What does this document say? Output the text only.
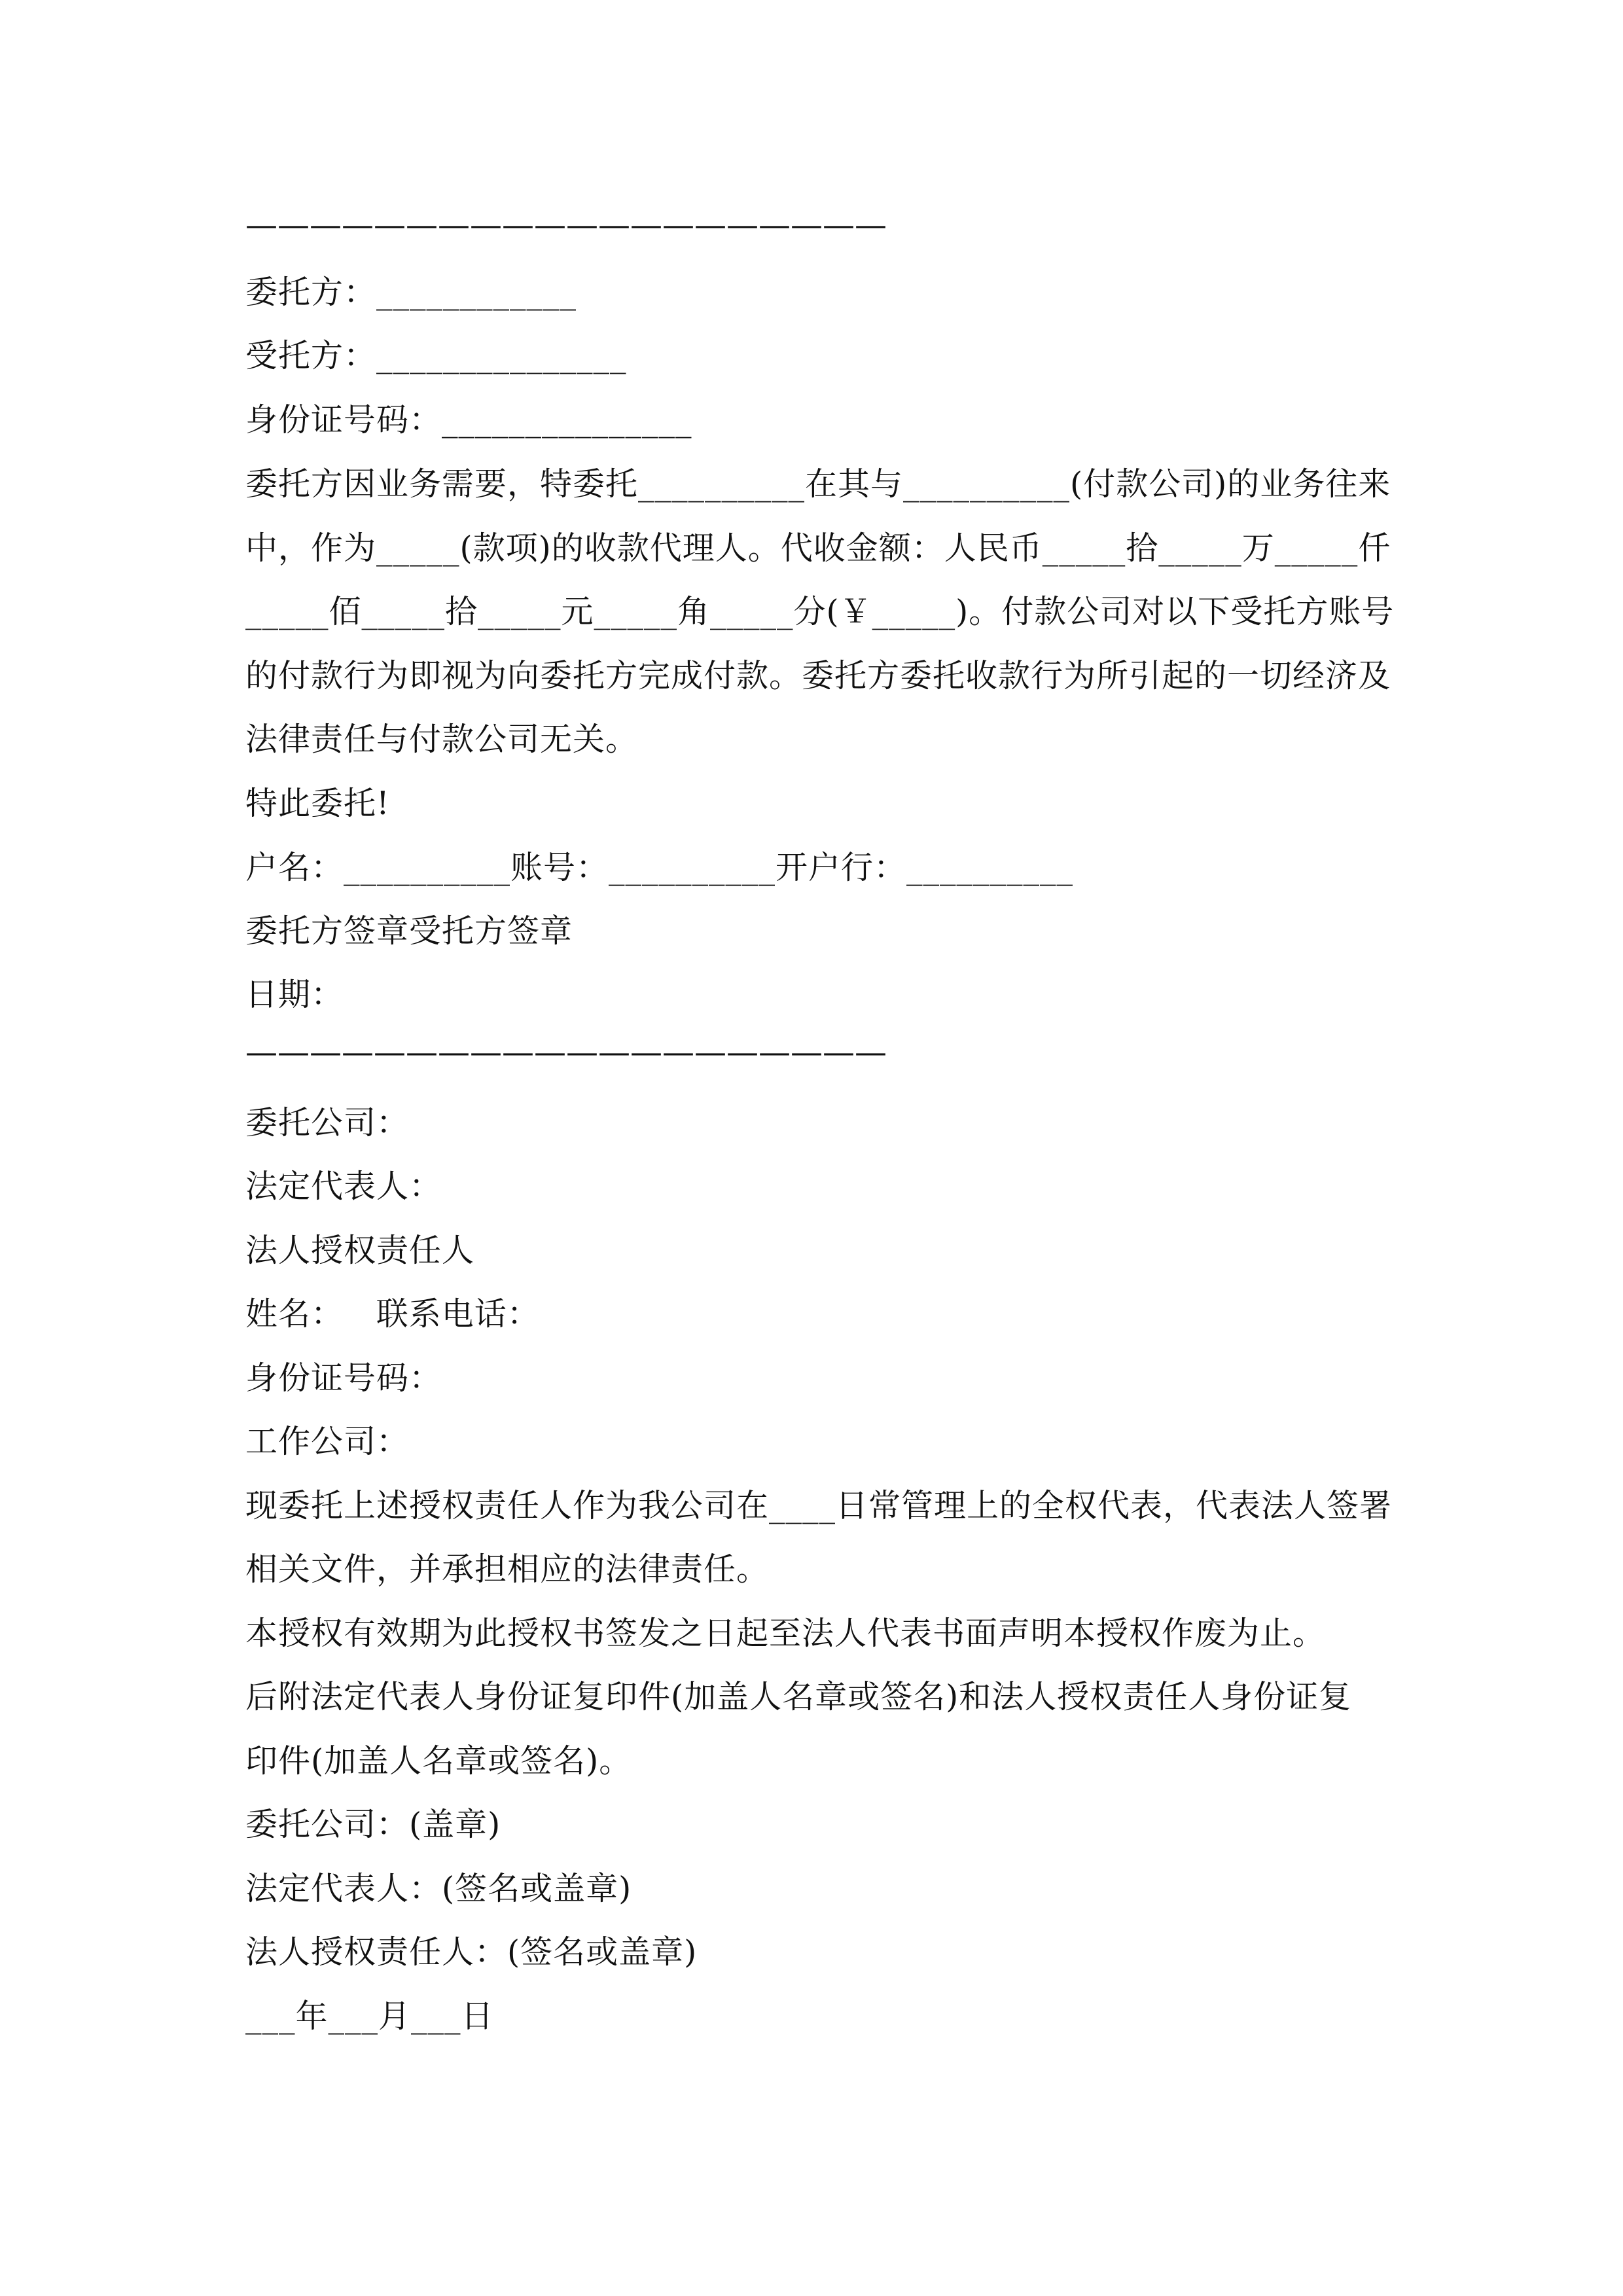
————————————————————
委托方：____________
受托方：_______________
身份证号码：_______________
委托方因业务需要，特委托__________在其与__________(付款公司)的业务往来
中，作为_____(款项)的收款代理人。代收金额：人民币_____拾_____万_____仟
_____佰_____拾_____元_____角_____分(￥_____)。付款公司对以下受托方账号
的付款行为即视为向委托方完成付款。委托方委托收款行为所引起的一切经济及
法律责任与付款公司无关。
特此委托!
户名：__________账号：__________开户行：__________
委托方签章受托方签章
日期：
————————————————————
委托公司：
法定代表人：
法人授权责任人
姓名：   联系电话：
身份证号码：
工作公司：
现委托上述授权责任人作为我公司在____日常管理上的全权代表，代表法人签署
相关文件，并承担相应的法律责任。
本授权有效期为此授权书签发之日起至法人代表书面声明本授权作废为止。
后附法定代表人身份证复印件(加盖人名章或签名)和法人授权责任人身份证复
印件(加盖人名章或签名)。
委托公司：(盖章)
法定代表人：(签名或盖章)
法人授权责任人：(签名或盖章)
___年___月___日
